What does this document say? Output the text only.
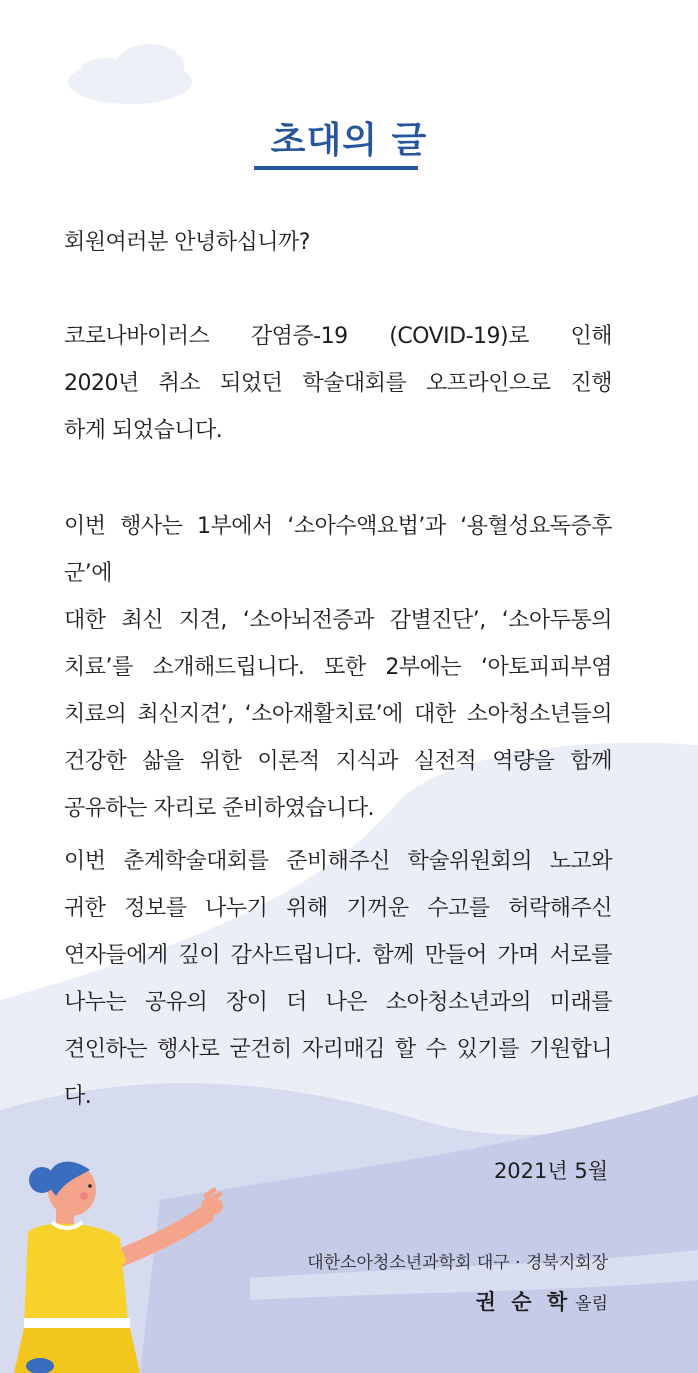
초대의 글

회원여러분 안녕하십니까?

코로나바이러스 감염증-19 (COVID-19)로 인해
2020년 취소 되었던 학술대회를 오프라인으로 진행
하게 되었습니다.
이번 행사는 1부에서 ‘소아수액요법’과 ‘용혈성요독증후군’에
대한 최신 지견, ‘소아뇌전증과 감별진단’, ‘소아두통의
치료’를 소개해드립니다. 또한 2부에는 ‘아토피피부염
치료의 최신지견’, ‘소아재활치료’에 대한 소아청소년들의
건강한 삶을 위한 이론적 지식과 실전적 역량을 함께
공유하는 자리로 준비하였습니다.
이번 춘계학술대회를 준비해주신 학술위원회의 노고와
귀한 정보를 나누기 위해 기꺼운 수고를 허락해주신
연자들에게 깊이 감사드립니다. 함께 만들어 가며 서로를
나누는 공유의 장이 더 나은 소아청소년과의 미래를
견인하는 행사로 굳건히 자리매김 할 수 있기를 기원합니다.

2021년 5월

대한소아청소년과학회 대구 · 경북지회장

권 순 학 올림
